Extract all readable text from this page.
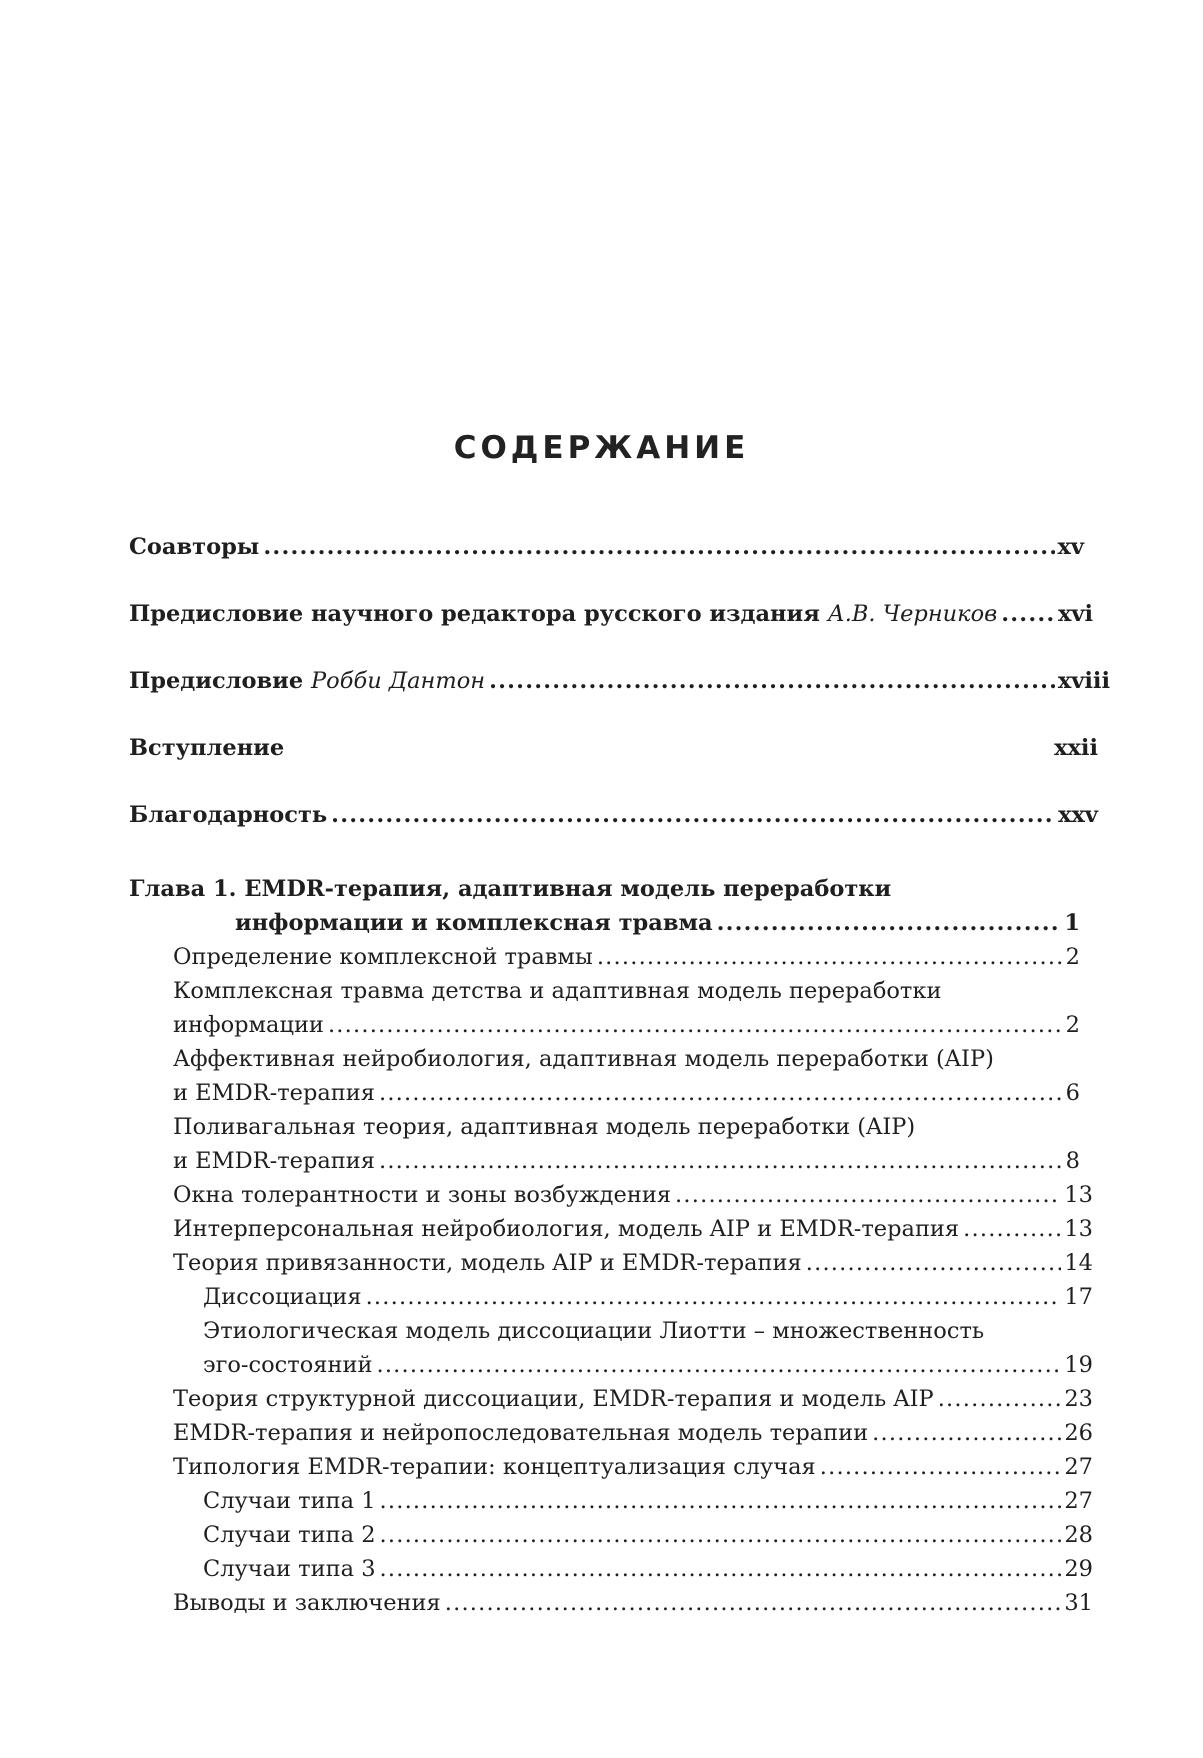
СОДЕРЖАНИЕ
Соавторы .....	xv
Предисловие научного редактора русского издания А.В. Черников .....	xvi
Предисловие Робби Дантон .....	xviii
Вступление	xxii
Благодарность .....	xxv
Глава 1. EMDR-терапия, адаптивная модель переработки
информации и комплексная травма .....	1
Определение комплексной травмы .....	2
Комплексная травма детства и адаптивная модель переработки
информации .....	2
Аффективная нейробиология, адаптивная модель переработки (AIP)
и EMDR-терапия .....	6
Поливагальная теория, адаптивная модель переработки (AIP)
и EMDR-терапия .....	8
Окна толерантности и зоны возбуждения .....	13
Интерперсональная нейробиология, модель AIP и EMDR-терапия .....	13
Теория привязанности, модель AIP и EMDR-терапия .....	14
Диссоциация .....	17
Этиологическая модель диссоциации Лиотти – множественность
эго-состояний .....	19
Теория структурной диссоциации, EMDR-терапия и модель AIP .....	23
EMDR-терапия и нейропоследовательная модель терапии .....	26
Типология EMDR-терапии: концептуализация случая .....	27
Случаи типа 1 .....	27
Случаи типа 2 .....	28
Случаи типа 3 .....	29
Выводы и заключения .....	31
